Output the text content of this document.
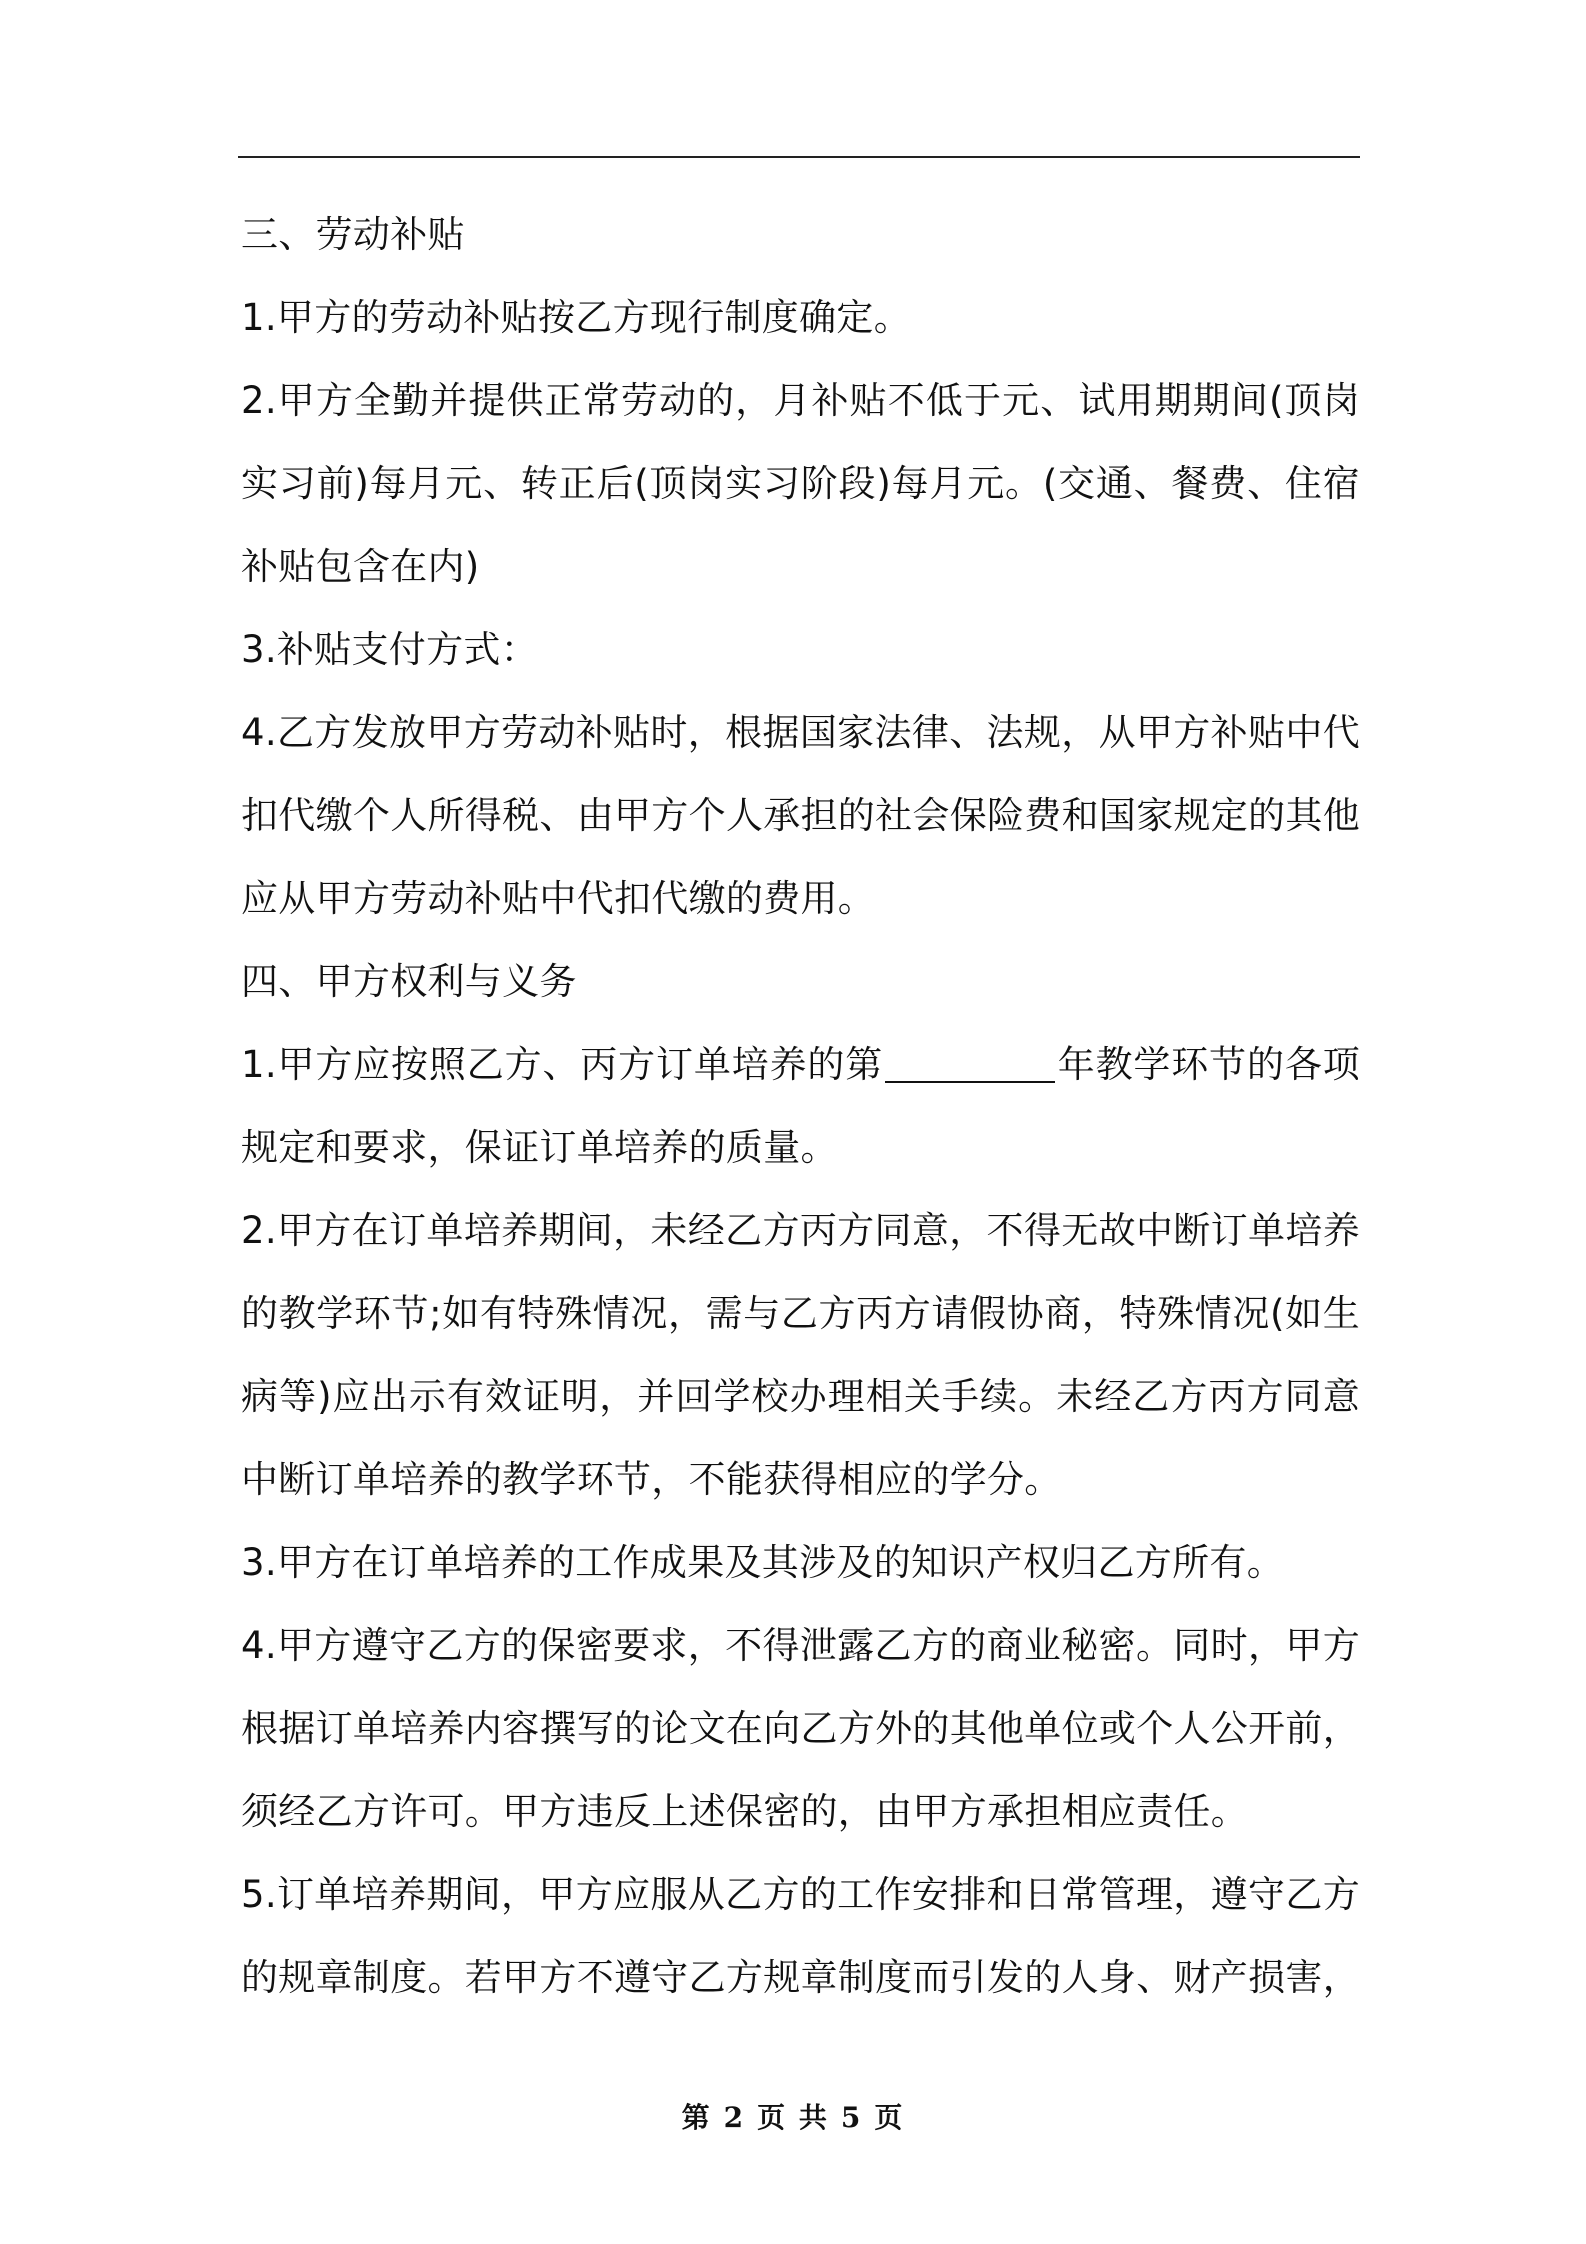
三、劳动补贴

1.甲方的劳动补贴按乙方现行制度确定。

2.甲方全勤并提供正常劳动的，月补贴不低于元、试用期期间(顶岗实习前)每月元、转正后(顶岗实习阶段)每月元。(交通、餐费、住宿补贴包含在内)

3.补贴支付方式：

4.乙方发放甲方劳动补贴时，根据国家法律、法规，从甲方补贴中代扣代缴个人所得税、由甲方个人承担的社会保险费和国家规定的其他应从甲方劳动补贴中代扣代缴的费用。

四、甲方权利与义务

1.甲方应按照乙方、丙方订单培养的第	年教学环节的各项规定和要求，保证订单培养的质量。

2.甲方在订单培养期间，未经乙方丙方同意，不得无故中断订单培养的教学环节;如有特殊情况，需与乙方丙方请假协商，特殊情况(如生病等)应出示有效证明，并回学校办理相关手续。未经乙方丙方同意中断订单培养的教学环节，不能获得相应的学分。

3.甲方在订单培养的工作成果及其涉及的知识产权归乙方所有。

4.甲方遵守乙方的保密要求，不得泄露乙方的商业秘密。同时，甲方根据订单培养内容撰写的论文在向乙方外的其他单位或个人公开前，须经乙方许可。甲方违反上述保密的，由甲方承担相应责任。

5.订单培养期间，甲方应服从乙方的工作安排和日常管理，遵守乙方的规章制度。若甲方不遵守乙方规章制度而引发的人身、财产损害，

第 2 页 共 5 页
